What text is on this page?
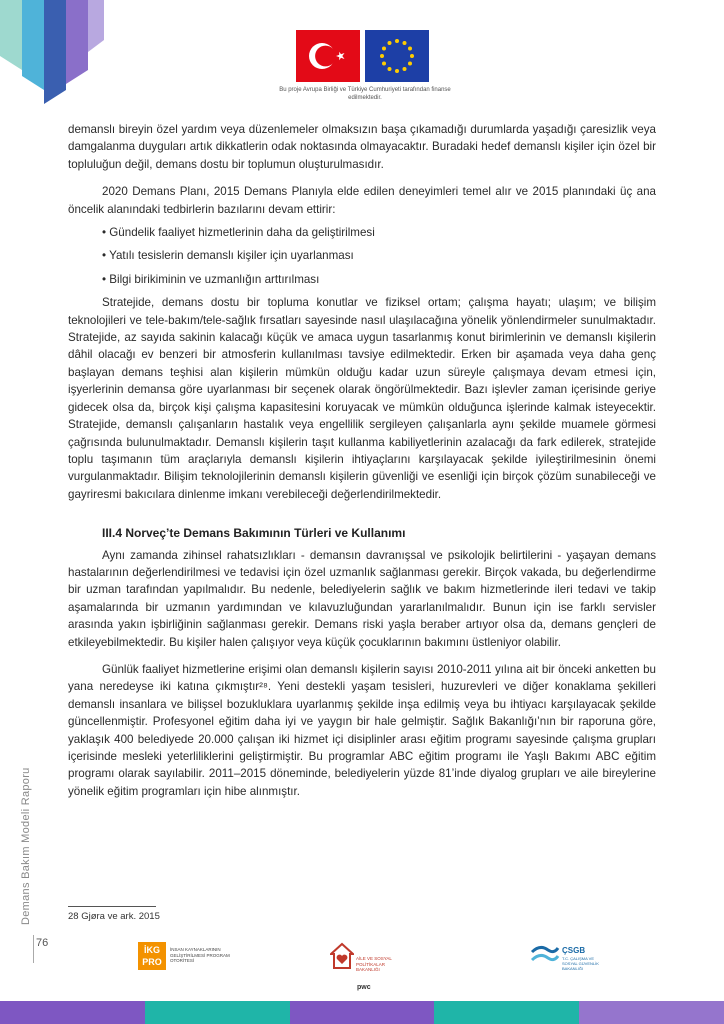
Bu proje Avrupa Birliği ve Türkiye Cumhuriyeti tarafından finanse edilmektedir.

demanslı bireyin özel yardım veya düzenlemeler olmaksızın başa çıkamadığı durumlarda yaşadığı çaresizlik veya damgalanma duyguları artık dikkatlerin odak noktasında olmayacaktır. Buradaki hedef demanslı kişiler için özel bir topluluğun değil, demans dostu bir toplumun oluşturulmasıdır.

2020 Demans Planı, 2015 Demans Planıyla elde edilen deneyimleri temel alır ve 2015 planındaki üç ana öncelik alanındaki tedbirlerin bazılarını devam ettirir:

• Gündelik faaliyet hizmetlerinin daha da geliştirilmesi
• Yatılı tesislerin demanslı kişiler için uyarlanması
• Bilgi birikiminin ve uzmanlığın arttırılması

Stratejide, demans dostu bir topluma konutlar ve fiziksel ortam; çalışma hayatı; ulaşım; ve bilişim teknolojileri ve tele-bakım/tele-sağlık fırsatları sayesinde nasıl ulaşılacağına yönelik yönlendirmeler sunulmaktadır. Stratejide, az sayıda sakinin kalacağı küçük ve amaca uygun tasarlanmış konut birimlerinin ve demanslı kişilerin dâhil olacağı ev benzeri bir atmosferin kullanılması tavsiye edilmektedir. Erken bir aşamada veya daha genç başlayan demans teşhisi alan kişilerin mümkün olduğu kadar uzun süreyle çalışmaya devam etmesi için, işyerlerinin demansa göre uyarlanması bir seçenek olarak öngörülmektedir. Bazı işlevler zaman içerisinde geriye gidecek olsa da, birçok kişi çalışma kapasitesini koruyacak ve mümkün olduğunca işlerinde kalmak isteyecektir. Stratejide, demanslı çalışanların hastalık veya engellilik sergileyen çalışanlarla aynı şekilde muamele görmesi çağrısında bulunulmaktadır. Demanslı kişilerin taşıt kullanma kabiliyetlerinin azalacağı da fark edilerek, stratejide toplu taşımanın tüm araçlarıyla demanslı kişilerin ihtiyaçlarını karşılayacak şekilde iyileştirilmesinin önemi vurgulanmaktadır. Bilişim teknolojilerinin demanslı kişilerin güvenliği ve esenliği için birçok çözüm sunabileceği ve gayriresmi bakıcılara dinlenme imkanı verebileceği değerlendirilmektedir.

III.4 Norveç’te Demans Bakımının Türleri ve Kullanımı

Aynı zamanda zihinsel rahatsızlıkları - demansın davranışsal ve psikolojik belirtilerini - yaşayan demans hastalarının değerlendirilmesi ve tedavisi için özel uzmanlık sağlanması gerekir. Birçok vakada, bu değerlendirme bir uzman tarafından yapılmalıdır. Bu nedenle, belediyelerin sağlık ve bakım hizmetlerinde ileri tedavi ve takip aşamalarında bir uzmanın yardımından ve kılavuzluğundan yararlanılmalıdır. Bunun için ise farklı servisler arasında yakın işbirliğinin sağlanması gerekir. Demans riski yaşla beraber artıyor olsa da, demans gençleri de etkileyebilmektedir. Bu kişiler halen çalışıyor veya küçük çocuklarının bakımını üstleniyor olabilir.

Günlük faaliyet hizmetlerine erişimi olan demanslı kişilerin sayısı 2010-2011 yılına ait bir önceki anketten bu yana neredeyse iki katına çıkmıştır²⁸. Yeni destekli yaşam tesisleri, huzurevleri ve diğer konaklama şekilleri demanslı insanlara ve bilişsel bozukluklara uyarlanmış şekilde inşa edilmiş veya bu ihtiyacı karşılayacak şekilde güncellenmiştir. Profesyonel eğitim daha iyi ve yaygın bir hale gelmiştir. Sağlık Bakanlığı’nın bir raporuna göre, yaklaşık 400 belediyede 20.000 çalışan iki hizmet içi disiplinler arası eğitim programı sayesinde çalışma grupları içerisinde mesleki yeterliliklerini geliştirmiştir. Bu programlar ABC eğitim programı ile Yaşlı Bakımı ABC eğitim programı olarak sayılabilir. 2011–2015 döneminde, belediyelerin yüzde 81’inde diyalog grupları ve aile bireylerine yönelik eğitim programları için hibe alınmıştır.

Demans Bakım Modeli Raporu
76
28 Gjøra ve ark. 2015
İKG PRO
İNSAN KAYNAKLARININ GELİŞTİRİLMESİ PROGRAM OTORİTESİ	AİLE VE SOSYAL POLİTİKALAR BAKANLIĞI
pwc
ÇSGB
T.C. ÇALIŞMA VE SOSYAL GÜVENLİK BAKANLIĞI
